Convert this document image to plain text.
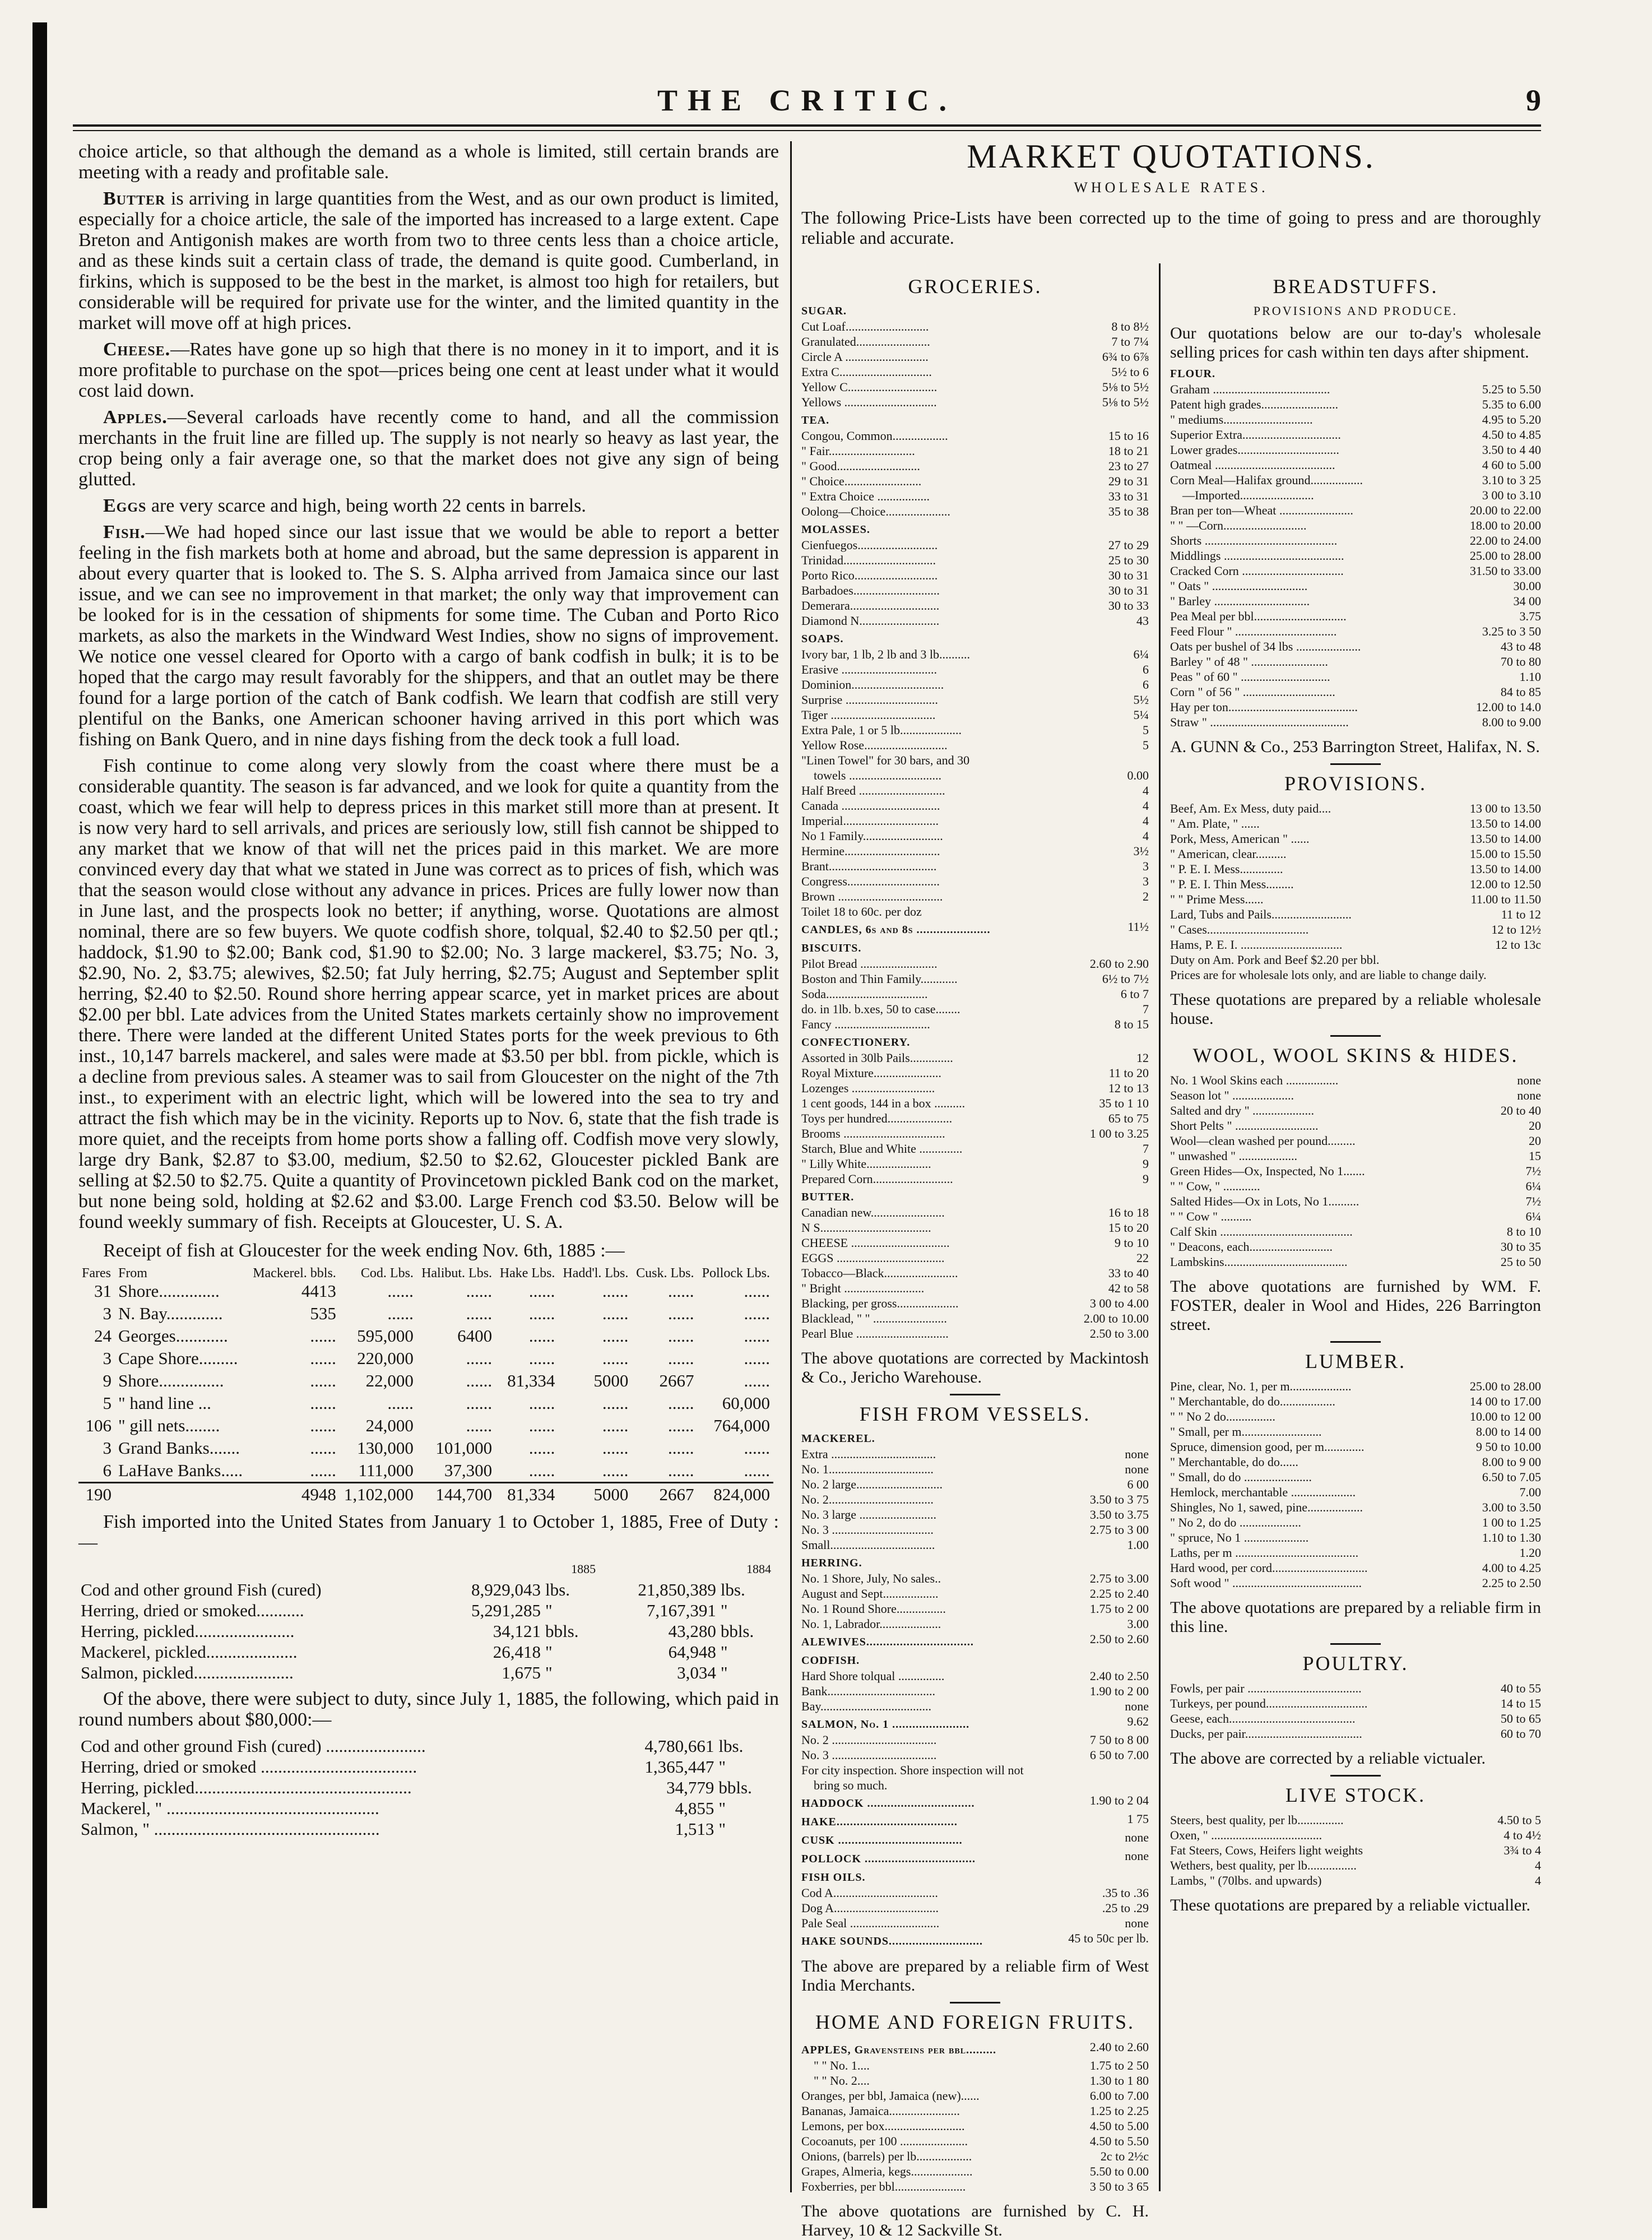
THE CRITIC.	9

choice article, so that although the demand as a whole is limited, still certain brands are meeting with a ready and profitable sale.

Butter is arriving in large quantities from the West, and as our own product is limited, especially for a choice article, the sale of the imported has increased to a large extent. Cape Breton and Antigonish makes are worth from two to three cents less than a choice article, and as these kinds suit a certain class of trade, the demand is quite good. Cumberland, in firkins, which is supposed to be the best in the market, is almost too high for retailers, but considerable will be required for private use for the winter, and the limited quantity in the market will move off at high prices.

Cheese.—Rates have gone up so high that there is no money in it to import, and it is more profitable to purchase on the spot—prices being one cent at least under what it would cost laid down.

Apples.—Several carloads have recently come to hand, and all the commission merchants in the fruit line are filled up. The supply is not nearly so heavy as last year, the crop being only a fair average one, so that the market does not give any sign of being glutted.

Eggs are very scarce and high, being worth 22 cents in barrels.

Fish.—We had hoped since our last issue that we would be able to report a better feeling in the fish markets both at home and abroad, but the same depression is apparent in about every quarter that is looked to. The S. S. Alpha arrived from Jamaica since our last issue, and we can see no improvement in that market; the only way that improvement can be looked for is in the cessation of shipments for some time. The Cuban and Porto Rico markets, as also the markets in the Windward West Indies, show no signs of improvement. We notice one vessel cleared for Oporto with a cargo of bank codfish in bulk; it is to be hoped that the cargo may result favorably for the shippers, and that an outlet may be there found for a large portion of the catch of Bank codfish. We learn that codfish are still very plentiful on the Banks, one American schooner having arrived in this port which was fishing on Bank Quero, and in nine days fishing from the deck took a full load.

Fish continue to come along very slowly from the coast where there must be a considerable quantity. The season is far advanced, and we look for quite a quantity from the coast, which we fear will help to depress prices in this market still more than at present. It is now very hard to sell arrivals, and prices are seriously low, still fish cannot be shipped to any market that we know of that will net the prices paid in this market. We are more convinced every day that what we stated in June was correct as to prices of fish, which was that the season would close without any advance in prices. Prices are fully lower now than in June last, and the prospects look no better; if anything, worse. Quotations are almost nominal, there are so few buyers. We quote codfish shore, tolqual, $2.40 to $2.50 per qtl.; haddock, $1.90 to $2.00; Bank cod, $1.90 to $2.00; No. 3 large mackerel, $3.75; No. 3, $2.90, No. 2, $3.75; alewives, $2.50; fat July herring, $2.75; August and September split herring, $2.40 to $2.50. Round shore herring appear scarce, yet in market prices are about $2.00 per bbl. Late advices from the United States markets certainly show no improvement there. There were landed at the different United States ports for the week previous to 6th inst., 10,147 barrels mackerel, and sales were made at $3.50 per bbl. from pickle, which is a decline from previous sales. A steamer was to sail from Gloucester on the night of the 7th inst., to experiment with an electric light, which will be lowered into the sea to try and attract the fish which may be in the vicinity. Reports up to Nov. 6, state that the fish trade is more quiet, and the receipts from home ports show a falling off. Codfish move very slowly, large dry Bank, $2.87 to $3.00, medium, $2.50 to $2.62, Gloucester pickled Bank are selling at $2.50 to $2.75. Quite a quantity of Provincetown pickled Bank cod on the market, but none being sold, holding at $2.62 and $3.00. Large French cod $3.50. Below will be found weekly summary of fish. Receipts at Gloucester, U. S. A.

Receipt of fish at Gloucester for the week ending Nov. 6th, 1885 :—

Fares	From	Mackerel. bbls.	Cod. Lbs.	Halibut. Lbs.	Hake Lbs.	Hadd'l. Lbs.	Cusk. Lbs.	Pollock Lbs.
31	Shore..............	4413	......	......	......	......	......	......
3	N. Bay.............	535	......	......	......	......	......	......
24	Georges............	......	595,000	6400	......	......	......	......
3	Cape Shore.........	......	220,000	......	......	......	......	......
9	Shore...............	......	22,000	......	81,334	5000	2667	......
5	" hand line ...	......	......	......	......	......	......	60,000
106	" gill nets........	......	24,000	......	......	......	......	764,000
3	Grand Banks.......	......	130,000	101,000	......	......	......	......
6	LaHave Banks.....	......	111,000	37,300	......	......	......	......
190		4948	1,102,000	144,700	81,334	5000	2667	824,000

Fish imported into the United States from January 1 to October 1, 1885, Free of Duty :—

	1885		1884	
Cod and other ground Fish (cured)	8,929,043	lbs.	21,850,389	lbs.
Herring, dried or smoked...........	5,291,285	"	7,167,391	"
Herring, pickled.......................	34,121	bbls.	43,280	bbls.
Mackerel, pickled.....................	26,418	"	64,948	"
Salmon, pickled.......................	1,675	"	3,034	"

Of the above, there were subject to duty, since July 1, 1885, the following, which paid in round numbers about $80,000:—

Cod and other ground Fish (cured) .......................	4,780,661	lbs.
Herring, dried or smoked ....................................	1,365,447	"
Herring, pickled..................................................	34,779	bbls.
Mackerel, " .................................................	4,855	"
Salmon, " ....................................................	1,513	"
MARKET QUOTATIONS.
WHOLESALE RATES.
The following Price-Lists have been corrected up to the time of going to press and are thoroughly reliable and accurate.
GROCERIES.
SUGAR.
Cut Loaf...........................	8 to 8½
Granulated........................	7 to 7¼
Circle A ...........................	6¾ to 6⅞
Extra C..............................	5½ to 6
Yellow C.............................	5⅛ to 5½
Yellows ..............................	5⅛ to 5½
TEA.
Congou, Common..................	15 to 16
" Fair............................	18 to 21
" Good...........................	23 to 27
" Choice.........................	29 to 31
" Extra Choice .................	33 to 31
Oolong—Choice.....................	35 to 38
MOLASSES.
Cienfuegos..........................	27 to 29
Trinidad..............................	25 to 30
Porto Rico...........................	30 to 31
Barbadoes............................	30 to 31
Demerara.............................	30 to 33
Diamond N..........................	43
SOAPS.
Ivory bar, 1 lb, 2 lb and 3 lb..........	6¼
Erasive ...............................	6
Dominion..............................	6
Surprise ..............................	5½
Tiger ..................................	5¼
Extra Pale, 1 or 5 lb....................	5
Yellow Rose...........................	5
"Linen Towel" for 30 bars, and 30
towels ..............................	0.00
Half Breed ............................	4
Canada ................................	4
Imperial...............................	4
No 1 Family..........................	4
Hermine...............................	3½
Brant...................................	3
Congress..............................	3
Brown ..................................	2
Toilet 18 to 60c. per doz
CANDLES, 6s and 8s ......................	11½
BISCUITS.
Pilot Bread .........................	2.60 to 2.90
Boston and Thin Family............	6½ to 7½
Soda.................................	6 to 7
do. in 1lb. b.xes, 50 to case........	7
Fancy ...............................	8 to 15
CONFECTIONERY.
Assorted in 30lb Pails..............	12
Royal Mixture......................	11 to 20
Lozenges ...........................	12 to 13
1 cent goods, 144 in a box ..........	35 to 1 10
Toys per hundred.....................	65 to 75
Brooms .................................	1 00 to 3.25
Starch, Blue and White ..............	7
" Lilly White.....................	9
Prepared Corn..........................	9
BUTTER.
Canadian new........................	16 to 18
N S....................................	15 to 20
CHEESE ................................	9 to 10
EGGS ...................................	22
Tobacco—Black........................	33 to 40
" Bright ..........................	42 to 58
Blacking, per gross....................	3 00 to 4.00
Blacklead, " " ........................	2.00 to 10.00
Pearl Blue ..............................	2.50 to 3.00
The above quotations are corrected by Mackintosh & Co., Jericho Warehouse.
FISH FROM VESSELS.
MACKEREL.
Extra ..................................	none
No. 1..................................	none
No. 2 large............................	6 00
No. 2..................................	3.50 to 3 75
No. 3 large .........................	3.50 to 3.75
No. 3 .................................	2.75 to 3 00
Small..................................	1.00
HERRING.
No. 1 Shore, July, No sales..	2.75 to 3.00
August and Sept..................	2.25 to 2.40
No. 1 Round Shore................	1.75 to 2 00
No. 1, Labrador....................	3.00
ALEWIVES................................	2.50 to 2.60
CODFISH.
Hard Shore tolqual ...............	2.40 to 2.50
Bank...................................	1.90 to 2 00
Bay....................................	none
SALMON, No. 1 .......................	9.62
No. 2 ..................................	7 50 to 8 00
No. 3 ..................................	6 50 to 7.00
For city inspection. Shore inspection will not
bring so much.
HADDOCK ................................	1.90 to 2 04
HAKE....................................	1 75
CUSK .....................................	none
POLLOCK .................................	none
FISH OILS.
Cod A..................................	.35 to .36
Dog A..................................	.25 to .29
Pale Seal .............................	none
HAKE SOUNDS............................	45 to 50c per lb.
The above are prepared by a reliable firm of West India Merchants.
HOME AND FOREIGN FRUITS.
APPLES, Gravensteins per bbl.........	2.40 to 2.60
" " No. 1....	1.75 to 2 50
" " No. 2....	1.30 to 1 80
Oranges, per bbl, Jamaica (new)......	6.00 to 7.00
Bananas, Jamaica.......................	1.25 to 2.25
Lemons, per box..........................	4.50 to 5.00
Cocoanuts, per 100 ......................	4.50 to 5.50
Onions, (barrels) per lb..................	2c to 2½c
Grapes, Almeria, kegs....................	5.50 to 0.00
Foxberries, per bbl.......................	3 50 to 3 65
The above quotations are furnished by C. H. Harvey, 10 & 12 Sackville St.
BREADSTUFFS.
PROVISIONS AND PRODUCE.
Our quotations below are our to-day's wholesale selling prices for cash within ten days after shipment.
FLOUR.
Graham ......................................	5.25 to 5.50
Patent high grades.........................	5.35 to 6.00
" mediums.............................	4.95 to 5.20
Superior Extra................................	4.50 to 4.85
Lower grades.................................	3.50 to 4 40
Oatmeal .......................................	4 60 to 5.00
Corn Meal—Halifax ground.................	3.10 to 3 25
—Imported........................	3 00 to 3.10
Bran per ton—Wheat ........................	20.00 to 22.00
" " —Corn...........................	18.00 to 20.00
Shorts ...........................................	22.00 to 24.00
Middlings .......................................	25.00 to 28.00
Cracked Corn .................................	31.50 to 33.00
" Oats " ...............................	30.00
" Barley ...............................	34 00
Pea Meal per bbl..............................	3.75
Feed Flour " .................................	3.25 to 3 50
Oats per bushel of 34 lbs .....................	43 to 48
Barley " of 48 " .........................	70 to 80
Peas " of 60 " .............................	1.10
Corn " of 56 " ..............................	84 to 85
Hay per ton..........................................	12.00 to 14.0
Straw " .............................................	8.00 to 9.00
A. GUNN & Co., 253 Barrington Street, Halifax, N. S.
PROVISIONS.
Beef, Am. Ex Mess, duty paid....	13 00 to 13.50
" Am. Plate, " ......	13.50 to 14.00
Pork, Mess, American " ......	13.50 to 14.00
" American, clear..........	15.00 to 15.50
" P. E. I. Mess..............	13.50 to 14.00
" P. E. I. Thin Mess.........	12.00 to 12.50
" " Prime Mess......	11.00 to 11.50
Lard, Tubs and Pails..........................	11 to 12
" Cases.................................	12 to 12½
Hams, P. E. I. .................................	12 to 13c
Duty on Am. Pork and Beef $2.20 per bbl.
Prices are for wholesale lots only, and are liable to change daily.
These quotations are prepared by a reliable wholesale house.
WOOL, WOOL SKINS & HIDES.
No. 1 Wool Skins each .................	none
Season lot " ....................	none
Salted and dry " ....................	20 to 40
Short Pelts " ...........................	20
Wool—clean washed per pound.........	20
" unwashed " ...................	15
Green Hides—Ox, Inspected, No 1.......	7½
" " Cow, " ............	6¼
Salted Hides—Ox in Lots, No 1..........	7½
" " Cow " ..........	6¼
Calf Skin ...........................................	8 to 10
" Deacons, each...........................	30 to 35
Lambskins........................................	25 to 50
The above quotations are furnished by WM. F. FOSTER, dealer in Wool and Hides, 226 Barrington street.
LUMBER.
Pine, clear, No. 1, per m....................	25.00 to 28.00
" Merchantable, do do..................	14 00 to 17.00
" " No 2 do................	10.00 to 12 00
" Small, per m..........................	8.00 to 14 00
Spruce, dimension good, per m.............	9 50 to 10.00
" Merchantable, do do......	8.00 to 9 00
" Small, do do ......................	6.50 to 7.05
Hemlock, merchantable .....................	7.00
Shingles, No 1, sawed, pine..................	3.00 to 3.50
" No 2, do do ....................	1 00 to 1.25
" spruce, No 1 .....................	1.10 to 1.30
Laths, per m ........................................	1.20
Hard wood, per cord...............................	4.00 to 4.25
Soft wood " ..........................................	2.25 to 2.50
The above quotations are prepared by a reliable firm in this line.
POULTRY.
Fowls, per pair .....................................	40 to 55
Turkeys, per pound.................................	14 to 15
Geese, each.........................................	50 to 65
Ducks, per pair......................................	60 to 70
The above are corrected by a reliable victualer.
LIVE STOCK.
Steers, best quality, per lb...............	4.50 to 5
Oxen, " ....................................	4 to 4½
Fat Steers, Cows, Heifers light weights	3¾ to 4
Wethers, best quality, per lb................	4
Lambs, " (70lbs. and upwards)	4
These quotations are prepared by a reliable victualler.
